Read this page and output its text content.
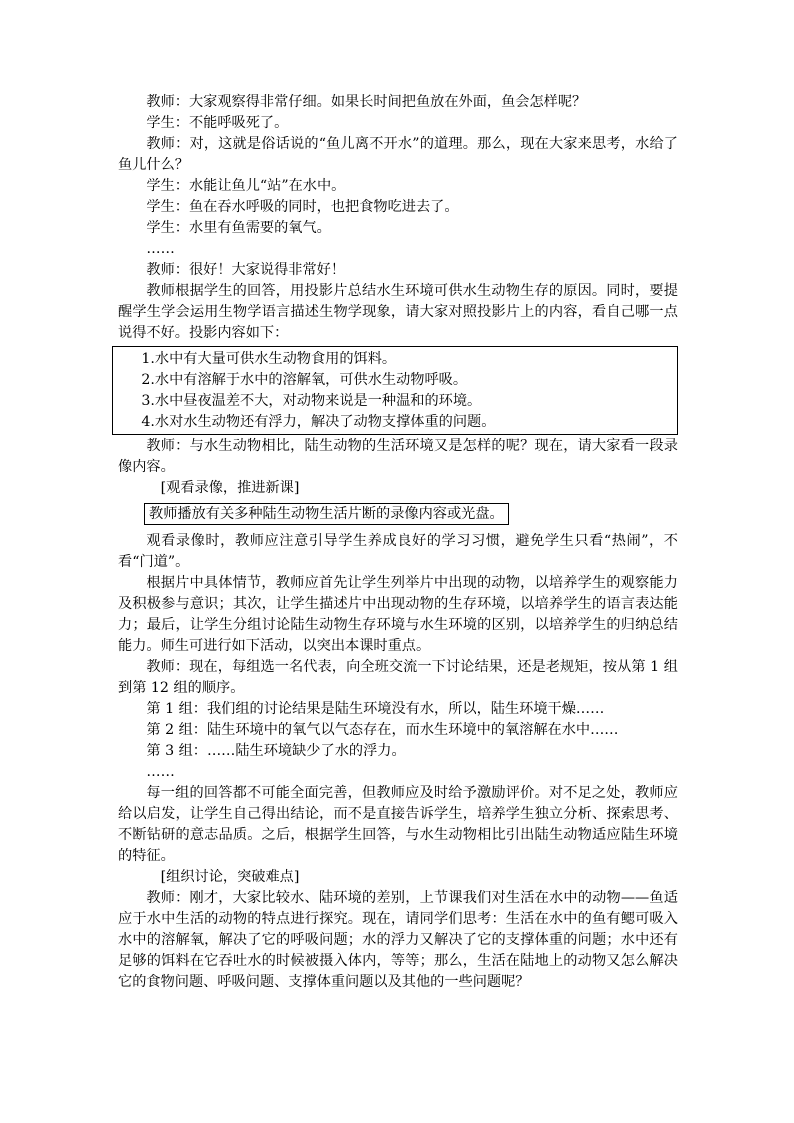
教师：大家观察得非常仔细。如果长时间把鱼放在外面，鱼会怎样呢？

学生：不能呼吸死了。

教师：对，这就是俗话说的“鱼儿离不开水”的道理。那么，现在大家来思考，水给了鱼儿什么？

学生：水能让鱼儿“站”在水中。

学生：鱼在吞水呼吸的同时，也把食物吃进去了。

学生：水里有鱼需要的氧气。

……

教师：很好！大家说得非常好！

教师根据学生的回答，用投影片总结水生环境可供水生动物生存的原因。同时，要提醒学生学会运用生物学语言描述生物学现象，请大家对照投影片上的内容，看自己哪一点说得不好。投影内容如下：

1.水中有大量可供水生动物食用的饵料。

2.水中有溶解于水中的溶解氧，可供水生动物呼吸。

3.水中昼夜温差不大，对动物来说是一种温和的环境。

4.水对水生动物还有浮力，解决了动物支撑体重的问题。

教师：与水生动物相比，陆生动物的生活环境又是怎样的呢？现在，请大家看一段录像内容。

[观看录像，推进新课]

教师播放有关多种陆生动物生活片断的录像内容或光盘。

观看录像时，教师应注意引导学生养成良好的学习习惯，避免学生只看“热闹”，不看“门道”。

根据片中具体情节，教师应首先让学生列举片中出现的动物，以培养学生的观察能力及积极参与意识；其次，让学生描述片中出现动物的生存环境，以培养学生的语言表达能力；最后，让学生分组讨论陆生动物生存环境与水生环境的区别，以培养学生的归纳总结能力。师生可进行如下活动，以突出本课时重点。

教师：现在，每组选一名代表，向全班交流一下讨论结果，还是老规矩，按从第 1 组到第 12 组的顺序。

第 1 组：我们组的讨论结果是陆生环境没有水，所以，陆生环境干燥……

第 2 组：陆生环境中的氧气以气态存在，而水生环境中的氧溶解在水中……

第 3 组：……陆生环境缺少了水的浮力。

……

每一组的回答都不可能全面完善，但教师应及时给予激励评价。对不足之处，教师应给以启发，让学生自己得出结论，而不是直接告诉学生，培养学生独立分析、探索思考、不断钻研的意志品质。之后，根据学生回答，与水生动物相比引出陆生动物适应陆生环境的特征。

[组织讨论，突破难点]

教师：刚才，大家比较水、陆环境的差别，上节课我们对生活在水中的动物——鱼适应于水中生活的动物的特点进行探究。现在，请同学们思考：生活在水中的鱼有鳃可吸入水中的溶解氧，解决了它的呼吸问题；水的浮力又解决了它的支撑体重的问题；水中还有足够的饵料在它吞吐水的时候被摄入体内，等等；那么，生活在陆地上的动物又怎么解决它的食物问题、呼吸问题、支撑体重问题以及其他的一些问题呢？
